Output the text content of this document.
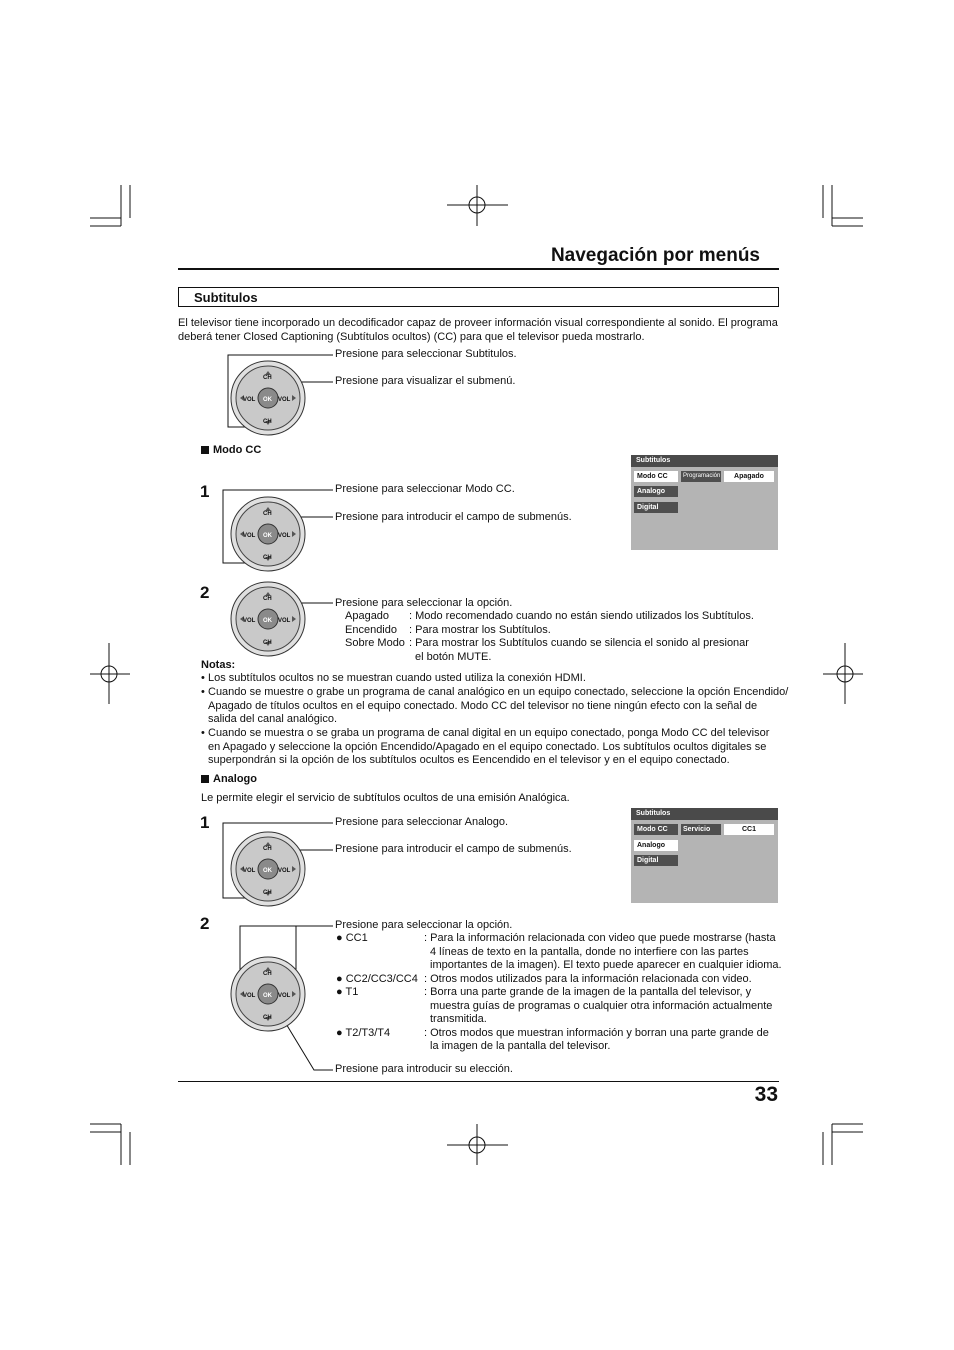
Navegación por menús
Subtitulos
El televisor tiene incorporado un decodificador capaz de proveer información visual correspondiente al sonido. El programa
deberá tener Closed Captioning (Subtítulos ocultos) (CC) para que el televisor pueda mostrarlo.
CH
CH
VOL	VOL
OK
CH
CH
VOL	VOL
OK
CH
CH
VOL	VOL
OK
CH
CH
VOL	VOL
OK
CH
CH
VOL	VOL
OK
Presione para seleccionar Subtitulos.
Presione para visualizar el submenú.
Modo CC
Subtitulos
Modo CC
Analogo
Digital
Programación	Apagado
1	Presione para seleccionar Modo CC.
Presione para introducir el campo de submenús.
2
Presione para seleccionar la opción.
Apagado : Modo recomendado cuando no están siendo utilizados los Subtítulos.
Encendido : Para mostrar los Subtítulos.
Sobre Modo : Para mostrar los Subtítulos cuando se silencia el sonido al presionar
el botón MUTE.
Notas:
• Los subtítulos ocultos no se muestran cuando usted utiliza la conexión HDMI.
• Cuando se muestre o grabe un programa de canal analógico en un equipo conectado, seleccione la opción Encendido/
Apagado de títulos ocultos en el equipo conectado. Modo CC del televisor no tiene ningún efecto con la señal de
salida del canal analógico.
• Cuando se muestra o se graba un programa de canal digital en un equipo conectado, ponga Modo CC del televisor
en Apagado y seleccione la opción Encendido/Apagado en el equipo conectado. Los subtítulos ocultos digitales se
superpondrán si la opción de los subtítulos ocultos es Eencendido en el televisor y en el equipo conectado.
Analogo
Le permite elegir el servicio de subtítulos ocultos de una emisión Analógica.
Subtitulos
Modo CC
Analogo
Digital
Servicio	CC1
1	Presione para seleccionar Analogo.
Presione para introducir el campo de submenús.
2	Presione para seleccionar la opción.
● CC1	: Para la información relacionada con video que puede mostrarse (hasta
4 líneas de texto en la pantalla, donde no interfiere con las partes
importantes de la imagen). El texto puede aparecer en cualquier idioma.
● CC2/CC3/CC4 : Otros modos utilizados para la información relacionada con video.
● T1	: Borra una parte grande de la imagen de la pantalla del televisor, y
muestra guías de programas o cualquier otra información actualmente
transmitida.
● T2/T3/T4	: Otros modos que muestran información y borran una parte grande de
la imagen de la pantalla del televisor.
Presione para introducir su elección.
33
